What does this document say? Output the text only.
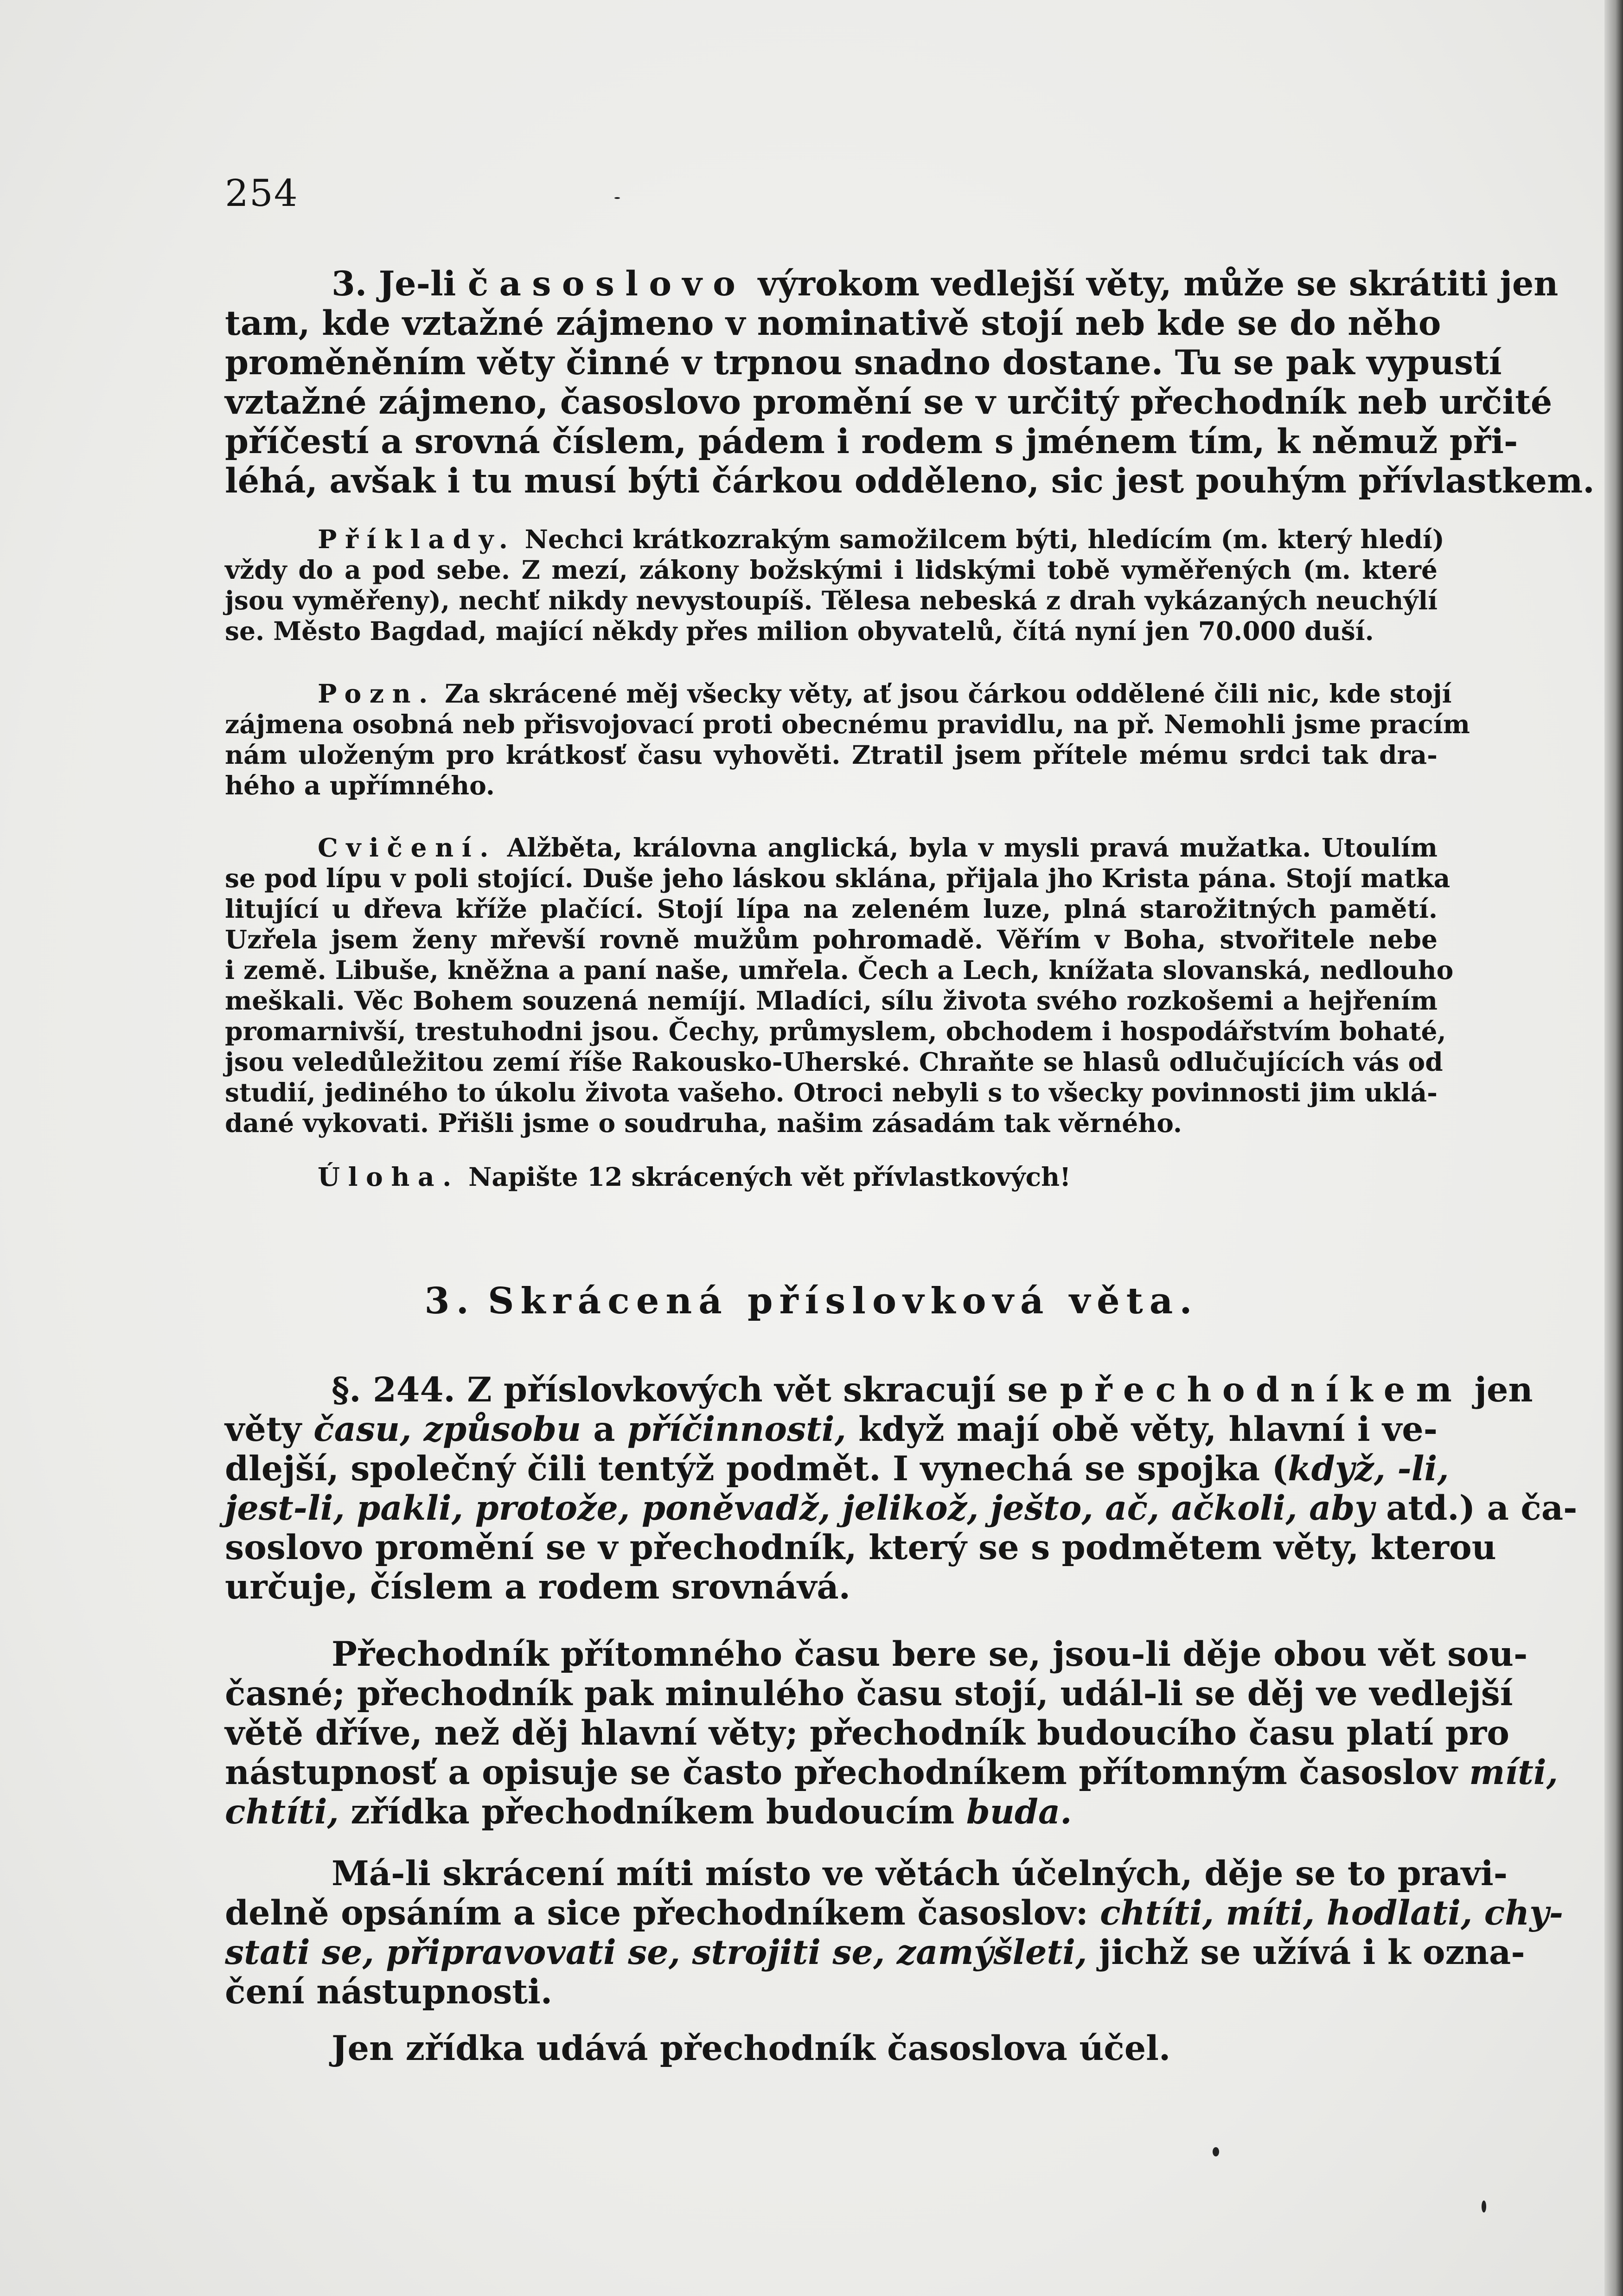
254
3. Je-li časoslovo výrokom vedlejší věty, může se skrátiti jen
tam, kde vztažné zájmeno v nominativě stojí neb kde se do něho
proměněním věty činné v trpnou snadno dostane. Tu se pak vypustí
vztažné zájmeno, časoslovo promění se v určitý přechodník neb určité
příčestí a srovná číslem, pádem i rodem s jménem tím, k němuž při-
léhá, avšak i tu musí býti čárkou odděleno, sic jest pouhým přívlastkem.
Příklady. Nechci krátkozrakým samožilcem býti, hledícím (m. který hledí)
vždy do a pod sebe. Z mezí, zákony božskými i lidskými tobě vyměřených (m. které
jsou vyměřeny), nechť nikdy nevystoupíš. Tělesa nebeská z drah vykázaných neuchýlí
se. Město Bagdad, mající někdy přes milion obyvatelů, čítá nyní jen 70.000 duší.
Pozn. Za skrácené měj všecky věty, ať jsou čárkou oddělené čili nic, kde stojí
zájmena osobná neb přisvojovací proti obecnému pravidlu, na př. Nemohli jsme pracím
nám uloženým pro krátkosť času vyhověti. Ztratil jsem přítele mému srdci tak dra-
hého a upřímného.
Cvičení. Alžběta, královna anglická, byla v mysli pravá mužatka. Utoulím
se pod lípu v poli stojící. Duše jeho láskou sklána, přijala jho Krista pána. Stojí matka
litující u dřeva kříže plačící. Stojí lípa na zeleném luze, plná starožitných pamětí.
Uzřela jsem ženy mřevší rovně mužům pohromadě. Věřím v Boha, stvořitele nebe
i země. Libuše, kněžna a paní naše, umřela. Čech a Lech, knížata slovanská, nedlouho
meškali. Věc Bohem souzená nemíjí. Mladíci, sílu života svého rozkošemi a hejřením
promarnivší, trestuhodni jsou. Čechy, průmyslem, obchodem i hospodářstvím bohaté,
jsou veledůležitou zemí říše Rakousko-Uherské. Chraňte se hlasů odlučujících vás od
studií, jediného to úkolu života vašeho. Otroci nebyli s to všecky povinnosti jim uklá-
dané vykovati. Přišli jsme o soudruha, našim zásadám tak věrného.
Úloha. Napište 12 skrácených vět přívlastkových!
3. Skrácená příslovková věta.
§. 244. Z příslovkových vět skracují se přechodníkem jen
věty času, způsobu a příčinnosti, když mají obě věty, hlavní i ve-
dlejší, společný čili tentýž podmět. I vynechá se spojka (když, -li,
jest-li, pakli, protože, poněvadž, jelikož, ješto, ač, ačkoli, aby atd.) a ča-
soslovo promění se v přechodník, který se s podmětem věty, kterou
určuje, číslem a rodem srovnává.
Přechodník přítomného času bere se, jsou-li děje obou vět sou-
časné; přechodník pak minulého času stojí, udál-li se děj ve vedlejší
větě dříve, než děj hlavní věty; přechodník budoucího času platí pro
nástupnosť a opisuje se často přechodníkem přítomným časoslov míti,
chtíti, zřídka přechodníkem budoucím buda.
Má-li skrácení míti místo ve větách účelných, děje se to pravi-
delně opsáním a sice přechodníkem časoslov: chtíti, míti, hodlati, chy-
stati se, připravovati se, strojiti se, zamýšleti, jichž se užívá i k ozna-
čení nástupnosti.
Jen zřídka udává přechodník časoslova účel.
